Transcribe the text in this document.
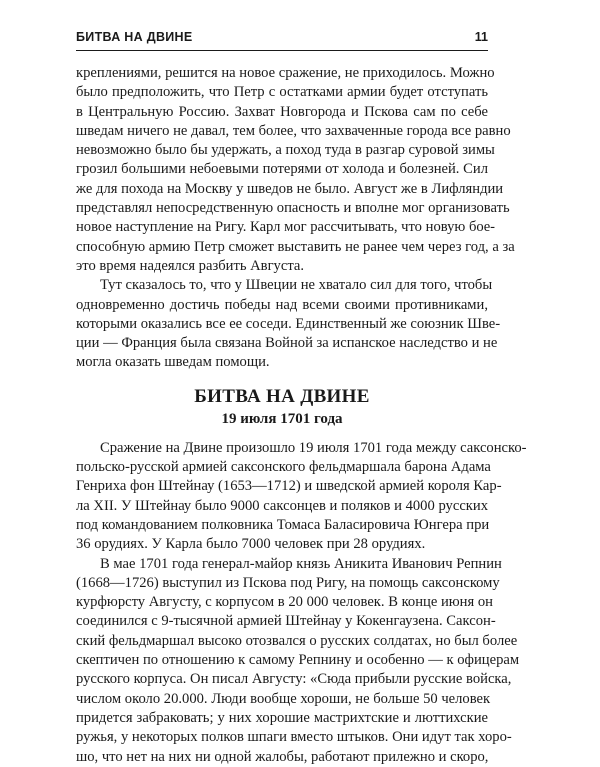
БИТВА НА ДВИНЕ	11
креплениями, решится на новое сражение, не приходилось. Можно
было предположить, что Петр с остатками армии будет отступать
в Центральную Россию. Захват Новгорода и Пскова сам по себе
шведам ничего не давал, тем более, что захваченные города все равно
невозможно было бы удержать, а поход туда в разгар суровой зимы
грозил большими небоевыми потерями от холода и болезней. Сил
же для похода на Москву у шведов не было. Август же в Лифляндии
представлял непосредственную опасность и вполне мог организовать
новое наступление на Ригу. Карл мог рассчитывать, что новую боe-
способную армию Петр сможет выставить не ранее чем через год, а за
это время надеялся разбить Августа.
Тут сказалось то, что у Швеции не хватало сил для того, чтобы
одновременно достичь победы над всеми своими противниками,
которыми оказались все ее соседи. Единственный же союзник Шве-
ции — Франция была связана Войной за испанское наследство и не
могла оказать шведам помощи.
БИТВА НА ДВИНЕ
19 июля 1701 года
Сражение на Двине произошло 19 июля 1701 года между саксонско-
польско-русской армией саксонского фельдмаршала барона Адама
Генриха фон Штейнау (1653—1712) и шведской армией короля Кар-
ла XII. У Штейнау было 9000 саксонцев и поляков и 4000 русских
под командованием полковника Томаса Баласировича Юнгера при
36 орудиях. У Карла было 7000 человек при 28 орудиях.
В мае 1701 года генерал-майор князь Аникита Иванович Репнин
(1668—1726) выступил из Пскова под Ригу, на помощь саксонскому
курфюрсту Августу, с корпусом в 20 000 человек. В конце июня он
соединился с 9-тысячной армией Штейнау у Кокенгаузена. Саксон-
ский фельдмаршал высоко отозвался о русских солдатах, но был более
скептичен по отношению к самому Репнину и особенно — к офицерам
русского корпуса. Он писал Августу: «Сюда прибыли русские войска,
числом около 20.000. Люди вообще хороши, не больше 50 человек
придется забраковать; у них хорошие мастрихтские и люттихские
ружья, у некоторых полков шпаги вместо штыков. Они идут так хоро-
шо, что нет на них ни одной жалобы, работают прилежно и скоро,
